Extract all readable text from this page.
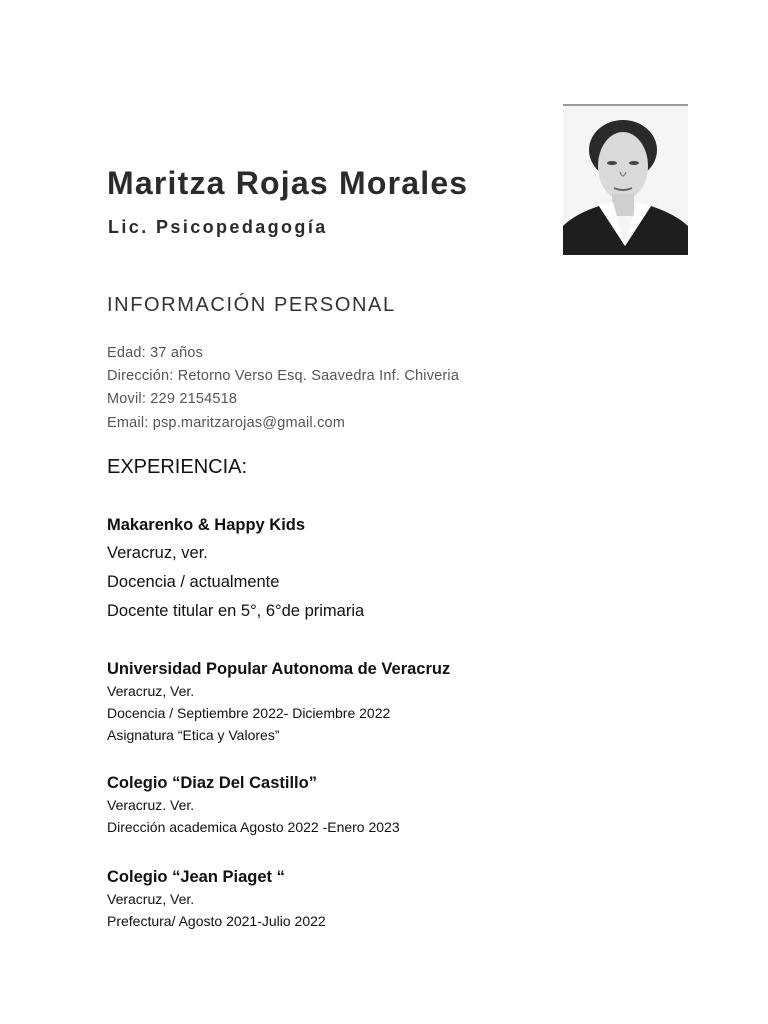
Maritza Rojas Morales
Lic. Psicopedagogía
INFORMACIÓN PERSONAL
Edad: 37 años
Dirección: Retorno Verso Esq. Saavedra Inf. Chiveria
Movil: 229 2154518
Email: psp.maritzarojas@gmail.com
EXPERIENCIA:
Makarenko & Happy Kids
Veracruz, ver.
Docencia / actualmente
Docente titular en 5°, 6°de primaria
Universidad Popular Autonoma de Veracruz
Veracruz, Ver.
Docencia / Septiembre 2022- Diciembre 2022
Asignatura “Etica y Valores”
Colegio “Diaz Del Castillo”
Veracruz. Ver.
Dirección academica Agosto 2022 -Enero 2023
Colegio “Jean Piaget “
Veracruz, Ver.
Prefectura/ Agosto 2021-Julio 2022
